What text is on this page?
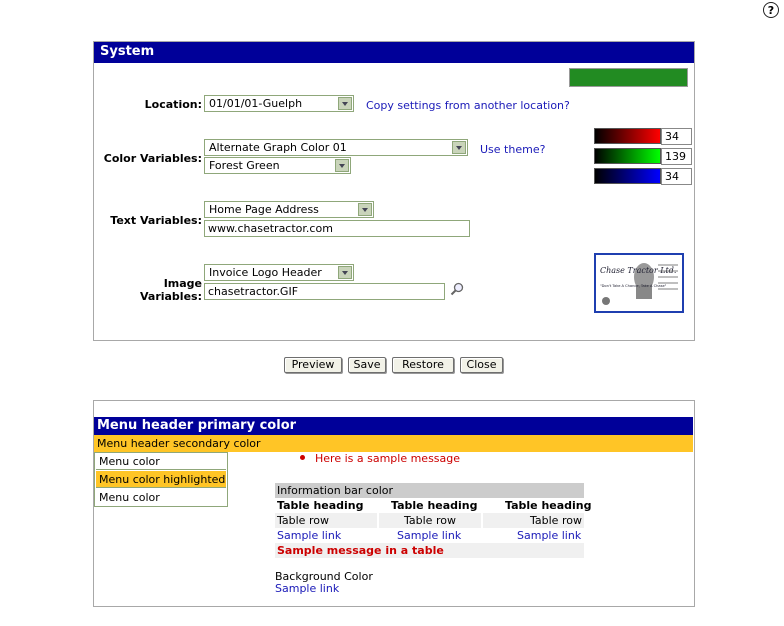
?
System
Location: 01/01/01-Guelph	Copy settings from another location?
Color Variables:
Alternate Graph Color 01
Forest Green
Use theme?
34
139
34
Text Variables:
Home Page Address
www.chasetractor.com
Image Variables:
Invoice Logo Header
chasetractor.GIF
Chase Tractor Ltd.
"Don't Take A Chance, Take A Chase"
Preview	Save	Restore	Close
Menu header primary color
Menu header secondary color
Menu color
Menu color highlighted
Menu color
Here is a sample message
Information bar color
Table heading Table heading Table heading
Table row	Table row	Table row
Sample link	Sample link	Sample link
Sample message in a table
Background Color
Sample link
